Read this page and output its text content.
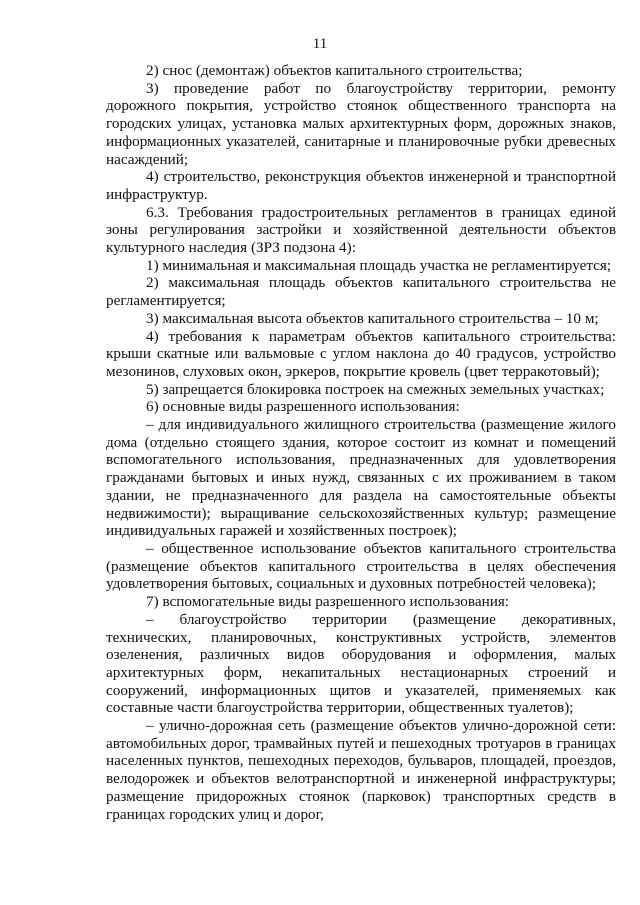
11

2) снос (демонтаж) объектов капитального строительства;

3) проведение работ по благоустройству территории, ремонту дорожного покрытия, устройство стоянок общественного транспорта на городских улицах, установка малых архитектурных форм, дорожных знаков, информационных указателей, санитарные и планировочные рубки древесных насаждений;

4) строительство, реконструкция объектов инженерной и транспортной инфраструктур.

6.3. Требования градостроительных регламентов в границах единой зоны регулирования застройки и хозяйственной деятельности объектов культурного наследия (ЗРЗ подзона 4):

1) минимальная и максимальная площадь участка не регламентируется;

2) максимальная площадь объектов капитального строительства не регламентируется;

3) максимальная высота объектов капитального строительства – 10 м;

4) требования к параметрам объектов капитального строительства: крыши скатные или вальмовые с углом наклона до 40 градусов, устройство мезонинов, слуховых окон, эркеров, покрытие кровель (цвет терракотовый);

5) запрещается блокировка построек на смежных земельных участках;

6) основные виды разрешенного использования:

– для индивидуального жилищного строительства (размещение жилого дома (отдельно стоящего здания, которое состоит из комнат и помещений вспомогательного использования, предназначенных для удовлетворения гражданами бытовых и иных нужд, связанных с их проживанием в таком здании, не предназначенного для раздела на самостоятельные объекты недвижимости); выращивание сельскохозяйственных культур; размещение индивидуальных гаражей и хозяйственных построек);

– общественное использование объектов капитального строительства (размещение объектов капитального строительства в целях обеспечения удовлетворения бытовых, социальных и духовных потребностей человека);

7) вспомогательные виды разрешенного использования:

– благоустройство территории (размещение декоративных, технических, планировочных, конструктивных устройств, элементов озеленения, различных видов оборудования и оформления, малых архитектурных форм, некапитальных нестационарных строений и сооружений, информационных щитов и указателей, применяемых как составные части благоустройства территории, общественных туалетов);

– улично-дорожная сеть (размещение объектов улично-дорожной сети: автомобильных дорог, трамвайных путей и пешеходных тротуаров в границах населенных пунктов, пешеходных переходов, бульваров, площадей, проездов, велодорожек и объектов велотранспортной и инженерной инфраструктуры; размещение придорожных стоянок (парковок) транспортных средств в границах городских улиц и дорог,
